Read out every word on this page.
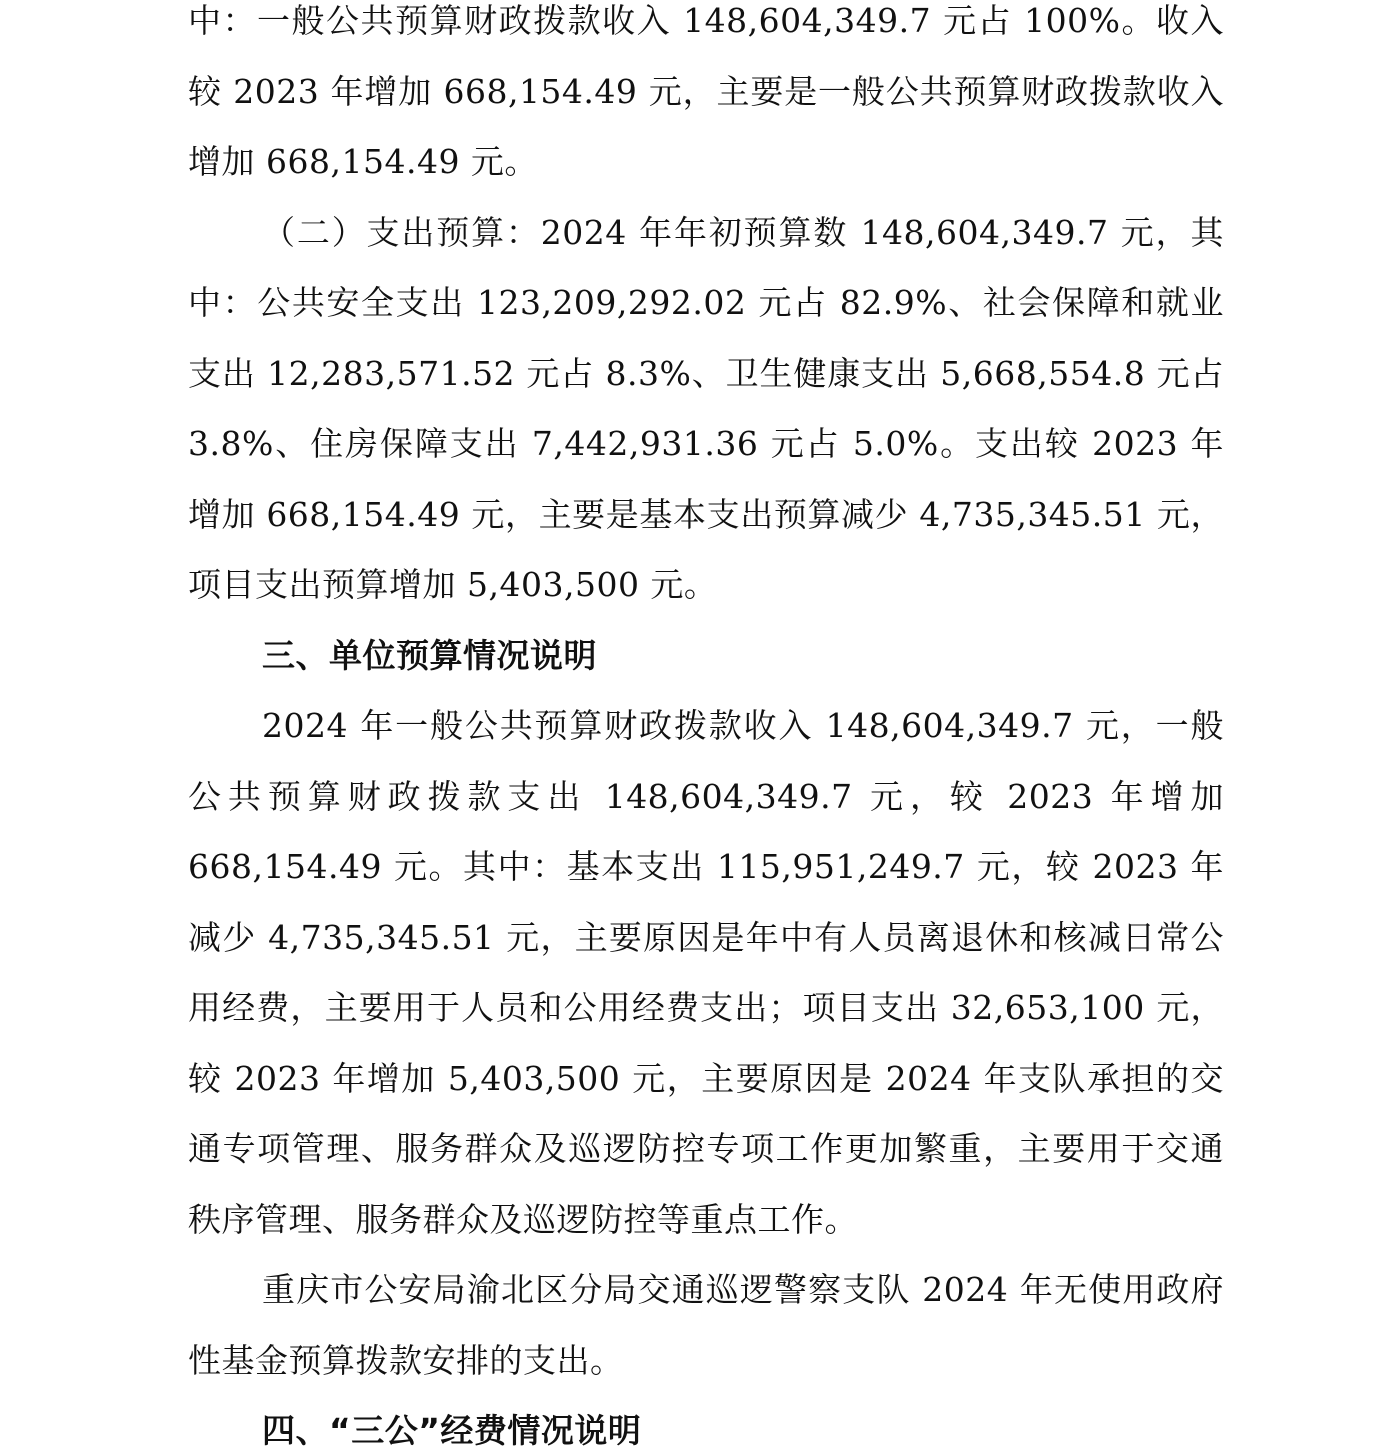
中：一般公共预算财政拨款收入 148,604,349.7 元占 100%。收入较 2023 年增加 668,154.49 元，主要是一般公共预算财政拨款收入增加 668,154.49 元。

（二）支出预算：2024 年年初预算数 148,604,349.7 元，其中：公共安全支出 123,209,292.02 元占 82.9%、社会保障和就业支出 12,283,571.52 元占 8.3%、卫生健康支出 5,668,554.8 元占 3.8%、住房保障支出 7,442,931.36 元占 5.0%。支出较 2023 年增加 668,154.49 元，主要是基本支出预算减少 4,735,345.51 元，项目支出预算增加 5,403,500 元。

三、单位预算情况说明

2024 年一般公共预算财政拨款收入 148,604,349.7 元，一般公共预算财政拨款支出 148,604,349.7 元，较 2023 年增加 668,154.49 元。其中：基本支出 115,951,249.7 元，较 2023 年减少 4,735,345.51 元，主要原因是年中有人员离退休和核减日常公用经费，主要用于人员和公用经费支出；项目支出 32,653,100 元，较 2023 年增加 5,403,500 元，主要原因是 2024 年支队承担的交通专项管理、服务群众及巡逻防控专项工作更加繁重，主要用于交通秩序管理、服务群众及巡逻防控等重点工作。

重庆市公安局渝北区分局交通巡逻警察支队 2024 年无使用政府性基金预算拨款安排的支出。

四、“三公”经费情况说明
